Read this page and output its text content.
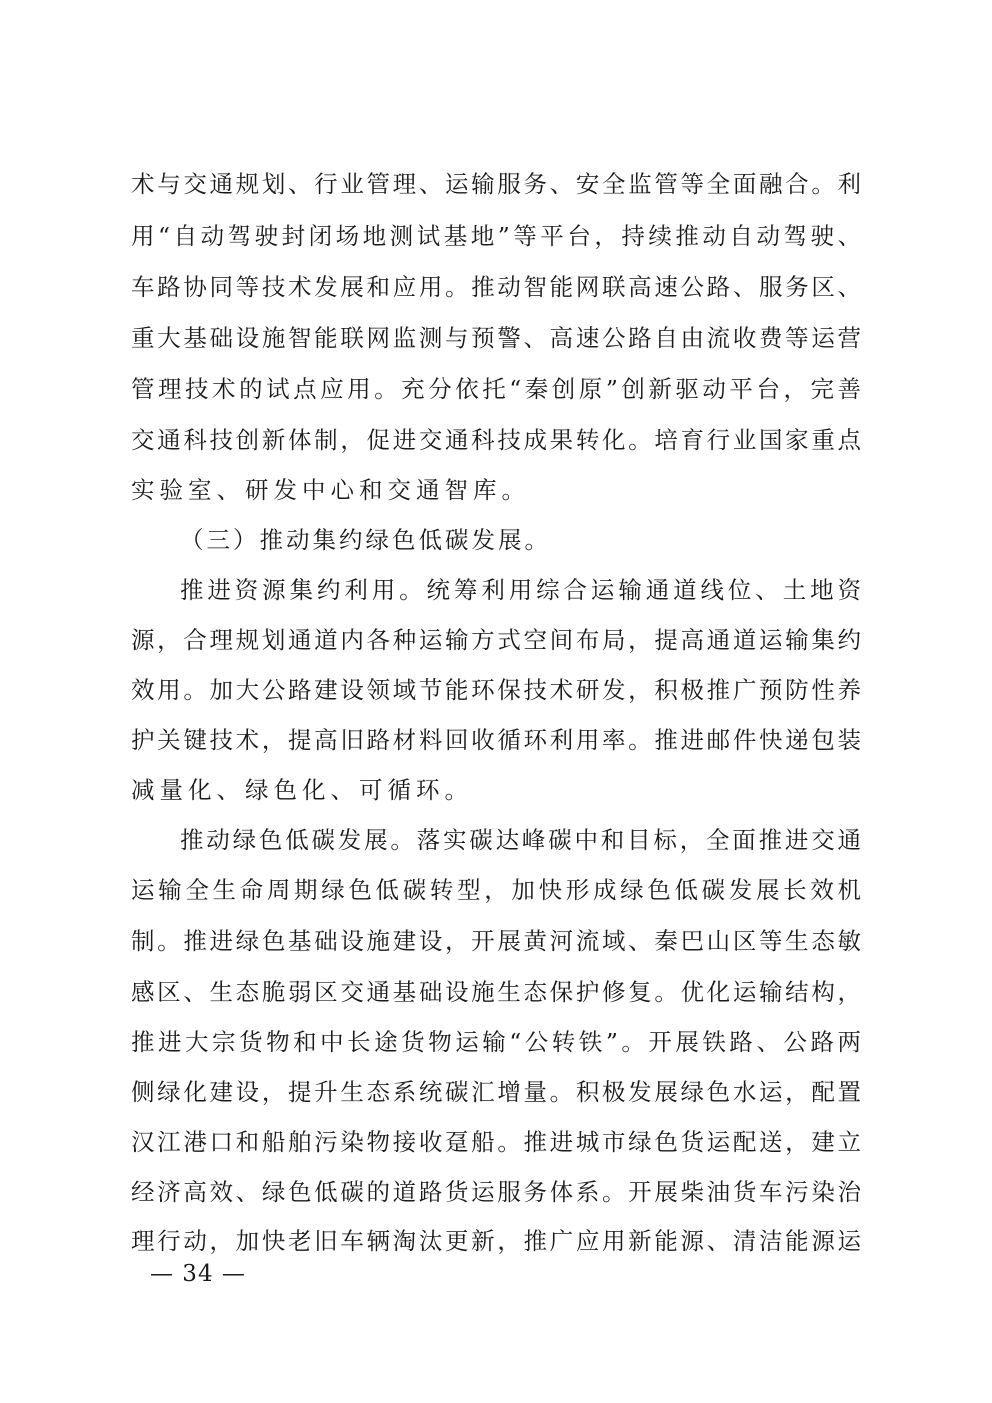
术与交通规划、行业管理、运输服务、安全监管等全面融合。利
用“自动驾驶封闭场地测试基地”等平台，持续推动自动驾驶、
车路协同等技术发展和应用。推动智能网联高速公路、服务区、
重大基础设施智能联网监测与预警、高速公路自由流收费等运营
管理技术的试点应用。充分依托“秦创原”创新驱动平台，完善
交通科技创新体制，促进交通科技成果转化。培育行业国家重点
实验室、研发中心和交通智库。
（三）推动集约绿色低碳发展。
推进资源集约利用。统筹利用综合运输通道线位、土地资
源，合理规划通道内各种运输方式空间布局，提高通道运输集约
效用。加大公路建设领域节能环保技术研发，积极推广预防性养
护关键技术，提高旧路材料回收循环利用率。推进邮件快递包装
减量化、绿色化、可循环。
推动绿色低碳发展。落实碳达峰碳中和目标，全面推进交通
运输全生命周期绿色低碳转型，加快形成绿色低碳发展长效机
制。推进绿色基础设施建设，开展黄河流域、秦巴山区等生态敏
感区、生态脆弱区交通基础设施生态保护修复。优化运输结构，
推进大宗货物和中长途货物运输“公转铁”。开展铁路、公路两
侧绿化建设，提升生态系统碳汇增量。积极发展绿色水运，配置
汉江港口和船舶污染物接收趸船。推进城市绿色货运配送，建立
经济高效、绿色低碳的道路货运服务体系。开展柴油货车污染治
理行动，加快老旧车辆淘汰更新，推广应用新能源、清洁能源运
— 34 —
